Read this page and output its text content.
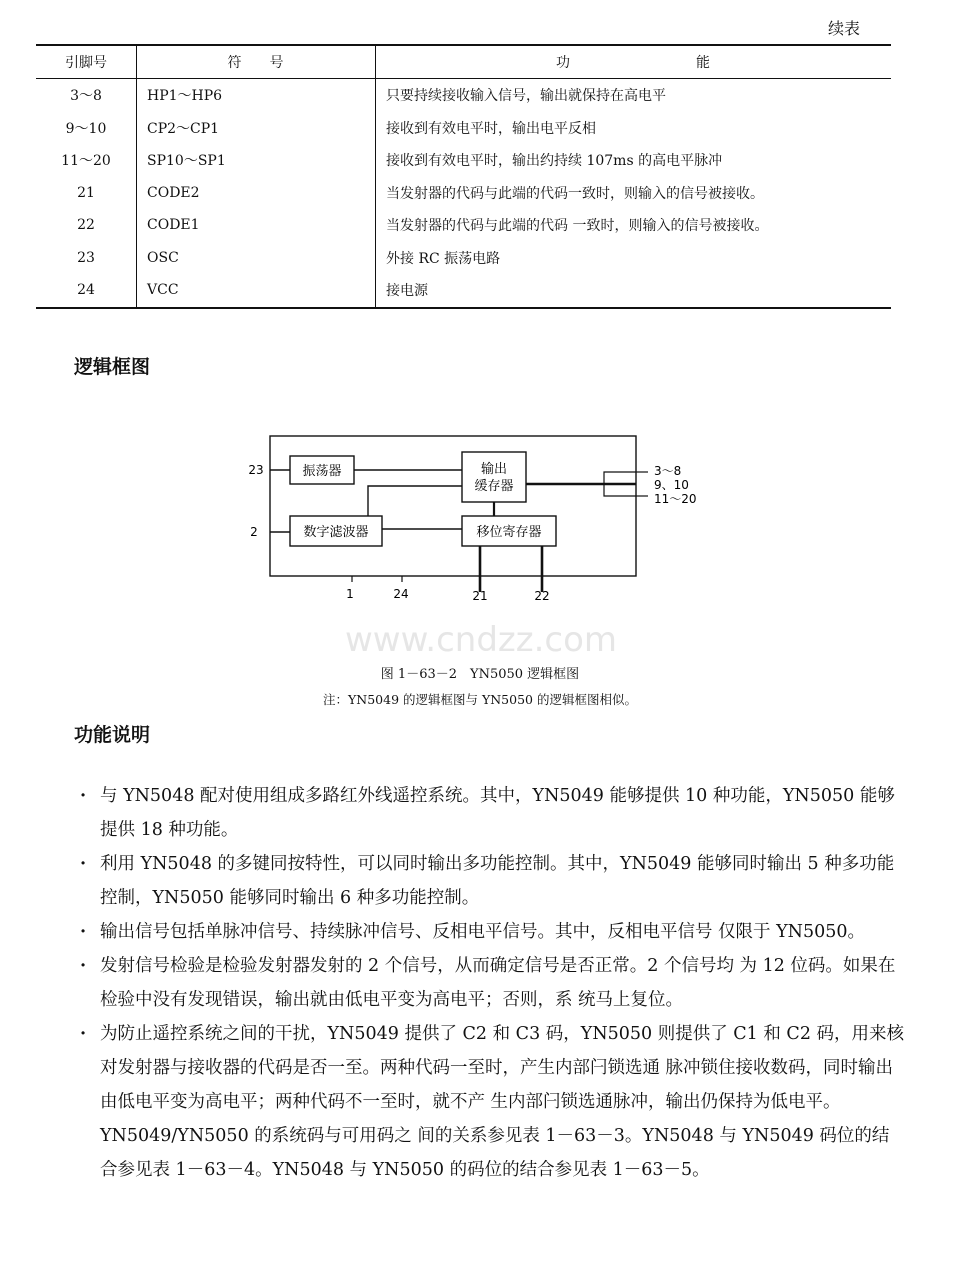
续表
引脚号	符　　号	功　　　　　　　　　能
3～8	HP1～HP6	只要持续接收输入信号，输出就保持在高电平
9～10	CP2～CP1	接收到有效电平时，输出电平反相
11～20	SP10～SP1	接收到有效电平时，输出约持续 107ms 的高电平脉冲
21	CODE2	当发射器的代码与此端的代码一致时，则输入的信号被接收。
22	CODE1	当发射器的代码与此端的代码 一致时，则输入的信号被接收。
23	OSC	外接 RC 振荡电路
24	VCC	接电源
逻辑框图
振荡器	输出
缓存器
数字滤波器	移位寄存器
23
2
1	24	21	22
3～8
9、10
11～20
www.cndzz.com
图 1－63－2　YN5050 逻辑框图
注：YN5049 的逻辑框图与 YN5050 的逻辑框图相似。
功能说明
· 与 YN5048 配对使用组成多路红外线遥控系统。其中，YN5049 能够提供 10 种功能，YN5050 能够提供 18 种功能。
· 利用 YN5048 的多键同按特性，可以同时输出多功能控制。其中，YN5049 能够同时输出 5 种多功能控制，YN5050 能够同时输出 6 种多功能控制。
· 输出信号包括单脉冲信号、持续脉冲信号、反相电平信号。其中，反相电平信号 仅限于 YN5050。
· 发射信号检验是检验发射器发射的 2 个信号，从而确定信号是否正常。2 个信号均 为 12 位码。如果在检验中没有发现错误，输出就由低电平变为高电平；否则，系 统马上复位。
· 为防止遥控系统之间的干扰，YN5049 提供了 C2 和 C3 码，YN5050 则提供了 C1 和 C2 码，用来核对发射器与接收器的代码是否一至。两种代码一至时，产生内部闩锁选通 脉冲锁住接收数码，同时输出由低电平变为高电平；两种代码不一至时，就不产 生内部闩锁选通脉冲，输出仍保持为低电平。YN5049/YN5050 的系统码与可用码之 间的关系参见表 1－63－3。YN5048 与 YN5049 码位的结合参见表 1－63－4。YN5048 与 YN5050 的码位的结合参见表 1－63－5。
